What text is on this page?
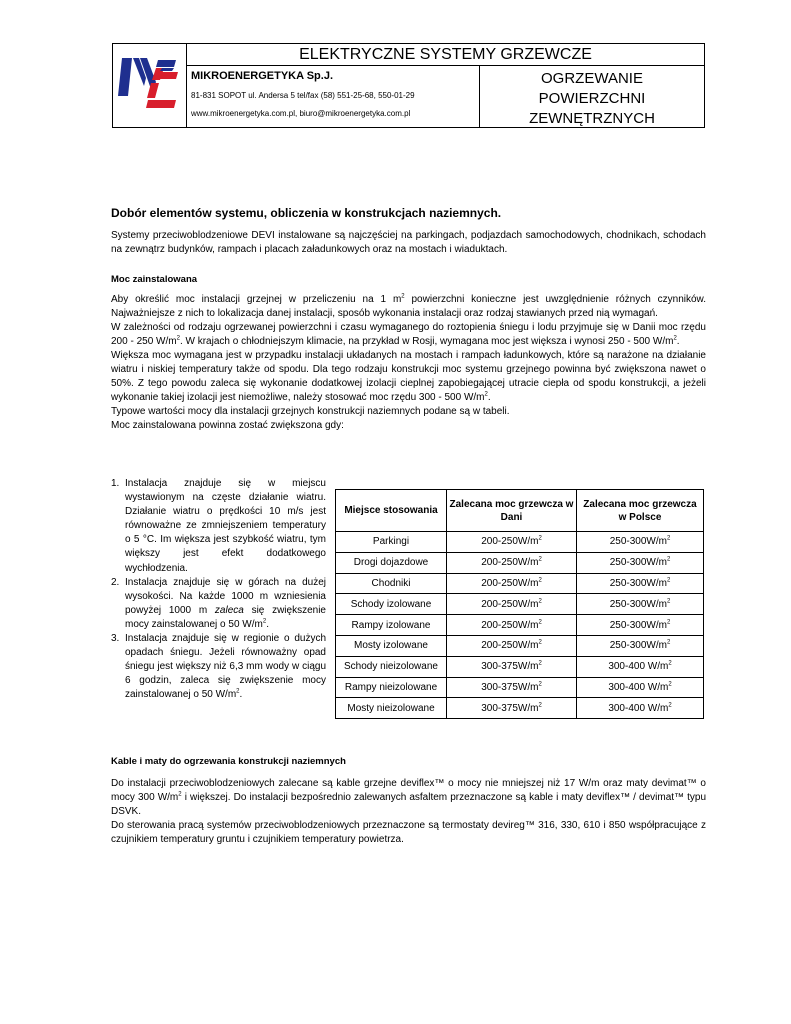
ELEKTRYCZNE SYSTEMY GRZEWCZE
MIKROENERGETYKA Sp.J.
81-831 SOPOT ul. Andersa 5 tel/fax (58) 551-25-68, 550-01-29
www.mikroenergetyka.com.pl, biuro@mikroenergetyka.com.pl
OGRZEWANIE
POWIERZCHNI
ZEWNĘTRZNYCH
Dobór elementów systemu, obliczenia w konstrukcjach naziemnych.

Systemy przeciwoblodzeniowe DEVI instalowane są najczęściej na parkingach, podjazdach samochodowych, chodnikach, schodach na zewnątrz budynków, rampach i placach załadunkowych oraz na mostach i wiaduktach.

Moc zainstalowana

Aby określić moc instalacji grzejnej w przeliczeniu na 1 $m^2$ powierzchni konieczne jest uwzględnienie różnych czynników. Najważniejsze z nich to lokalizacja danej instalacji, sposób wykonania instalacji oraz rodzaj stawianych przed nią wymagań.
W zależności od rodzaju ogrzewanej powierzchni i czasu wymaganego do roztopienia śniegu i lodu przyjmuje się w Danii moc rzędu 200 - 250 $W/m^2$. W krajach o chłodniejszym klimacie, na przykład w Rosji, wymagana moc jest większa i wynosi 250 - 500 $W/m^2$.
Większa moc wymagana jest w przypadku instalacji układanych na mostach i rampach ładunkowych, które są narażone na działanie wiatru i niskiej temperatury także od spodu. Dla tego rodzaju konstrukcji moc systemu grzejnego powinna być zwiększona nawet o 50%. Z tego powodu zaleca się wykonanie dodatkowej izolacji cieplnej zapobiegającej utracie ciepła od spodu konstrukcji, a jeżeli wykonanie takiej izolacji jest niemożliwe, należy stosować moc rzędu 300 - 500 $W/m^2$.
Typowe wartości mocy dla instalacji grzejnych konstrukcji naziemnych podane są w tabeli.
Moc zainstalowana powinna zostać zwiększona gdy:

1. Instalacja znajduje się w miejscu wystawionym na częste działanie wiatru. Działanie wiatru o prędkości 10 m/s jest równoważne ze zmniejszeniem temperatury o 5 °C. Im większa jest szybkość wiatru, tym większy jest efekt dodatkowego wychłodzenia.
2. Instalacja znajduje się w górach na dużej wysokości. Na każde 1000 m wzniesienia powyżej 1000 m zaleca się zwiększenie mocy zainstalowanej o 50 $W/m^2$.
3. Instalacja znajduje się w regionie o dużych opadach śniegu. Jeżeli równoważny opad śniegu jest większy niż 6,3 mm wody w ciągu 6 godzin, zaleca się zwiększenie mocy zainstalowanej o 50 $W/m^2$.
Miejsce stosowania	Zalecana moc grzewcza w Dani	Zalecana moc grzewcza w Polsce
Parkingi	$200-250W/m^2$	$250-300W/m^2$
Drogi dojazdowe	$200-250W/m^2$	$250-300W/m^2$
Chodniki	$200-250W/m^2$	$250-300W/m^2$
Schody izolowane	$200-250W/m^2$	$250-300W/m^2$
Rampy izolowane	$200-250W/m^2$	$250-300W/m^2$
Mosty izolowane	$200-250W/m^2$	$250-300W/m^2$
Schody nieizolowane	$300-375W/m^2$	300-400 $W/m^2$
Rampy nieizolowane	$300-375W/m^2$	300-400 $W/m^2$
Mosty nieizolowane	$300-375W/m^2$	300-400 $W/m^2$
Kable i maty do ogrzewania konstrukcji naziemnych

Do instalacji przeciwoblodzeniowych zalecane są kable grzejne deviflex™ o mocy nie mniejszej niż 17 W/m oraz maty devimat™ o mocy 300 $W/m^2$ i większej. Do instalacji bezpośrednio zalewanych asfaltem przeznaczone są kable i maty deviflex™ / devimat™ typu DSVK.
Do sterowania pracą systemów przeciwoblodzeniowych przeznaczone są termostaty devireg™ 316, 330, 610 i 850 współpracujące z czujnikiem temperatury gruntu i czujnikiem temperatury powietrza.
